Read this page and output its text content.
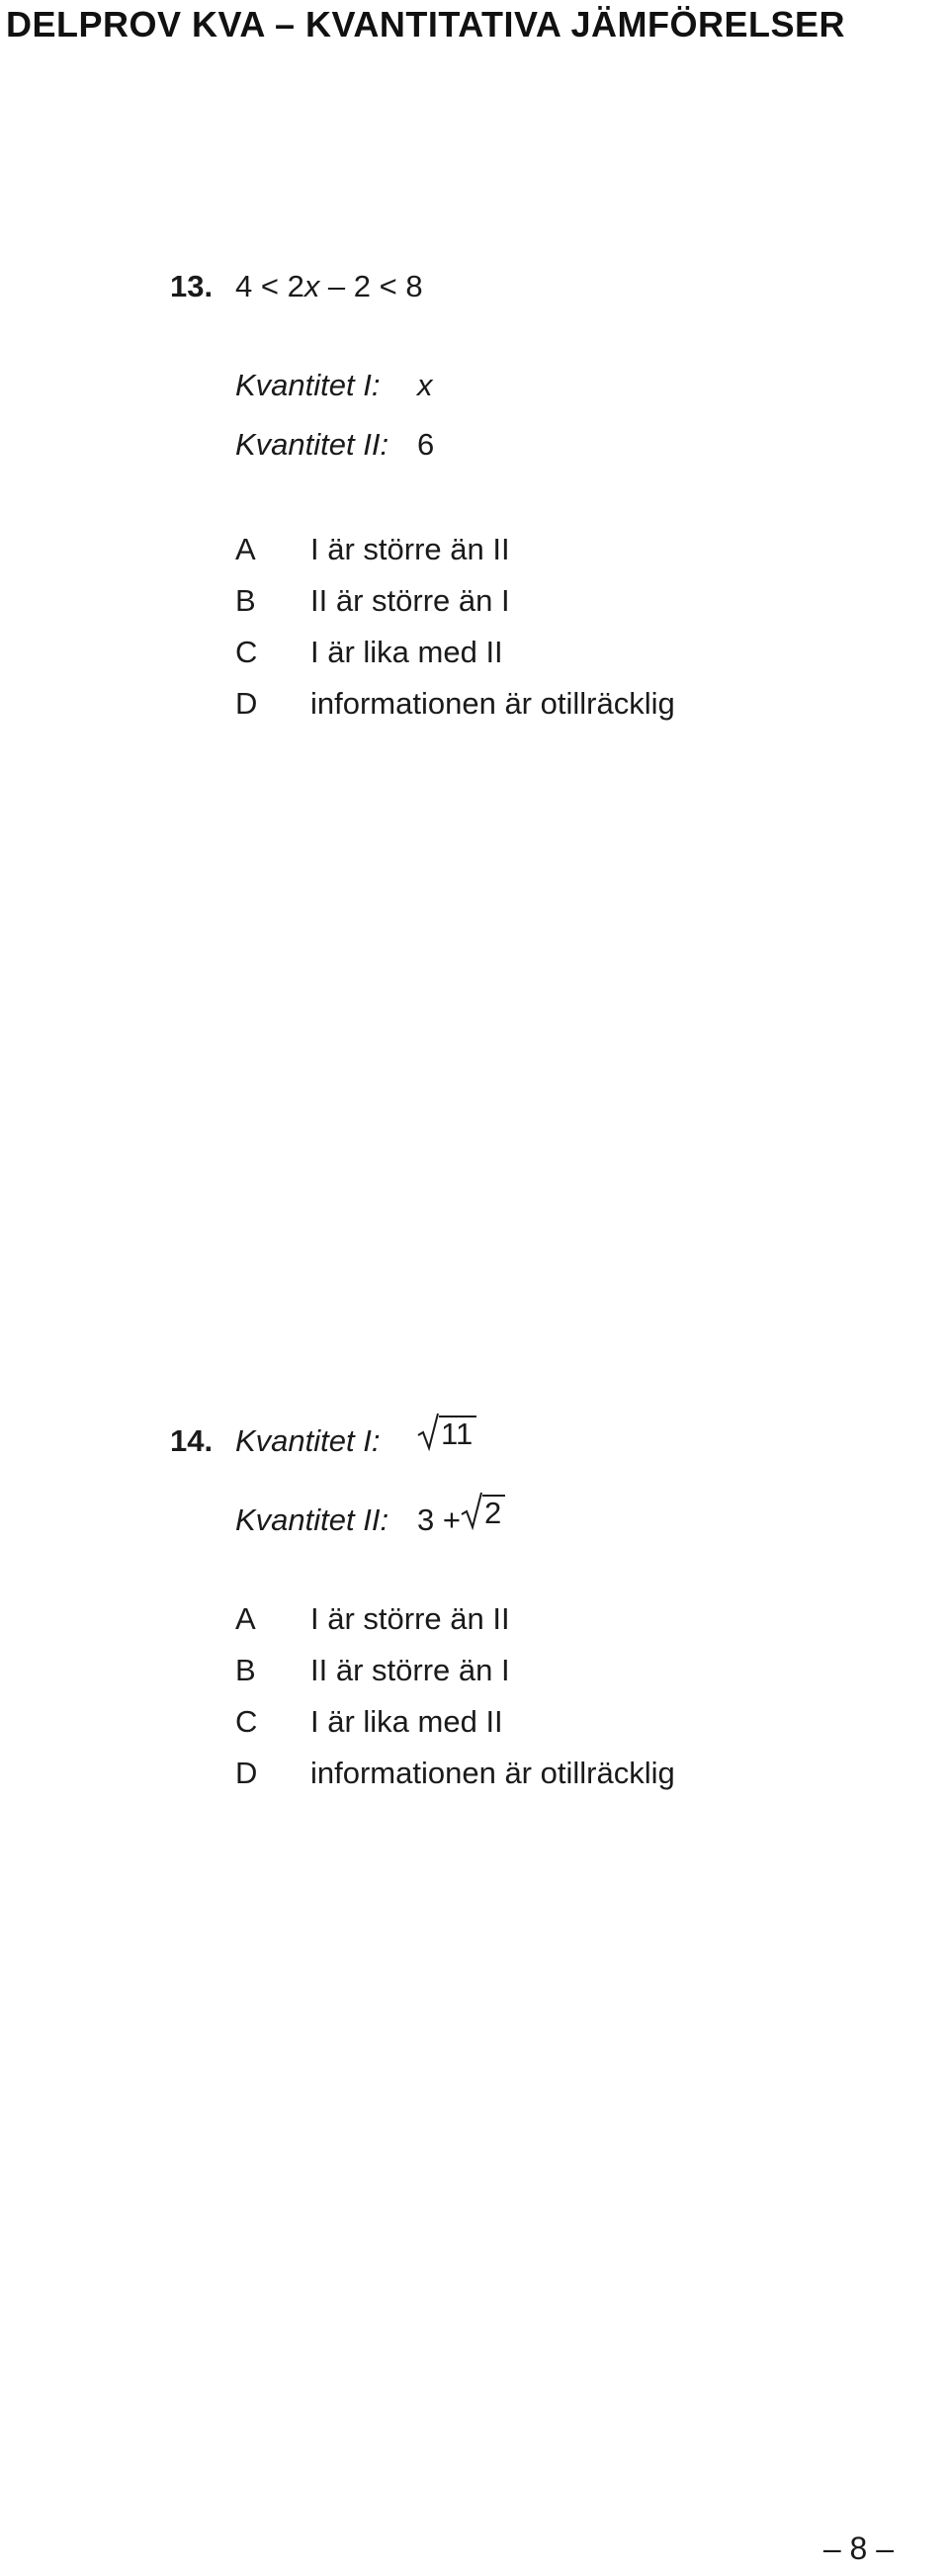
DELPROV KVA – KVANTITATIVA JÄMFÖRELSER
13. 4 < 2x – 2 < 8
Kvantitet I: x
Kvantitet II: 6
A I är större än II
B II är större än I
C I är lika med II
D informationen är otillräcklig
14. Kvantitet I: 11
Kvantitet II: 3 + 2
A I är större än II
B II är större än I
C I är lika med II
D informationen är otillräcklig
– 8 –
